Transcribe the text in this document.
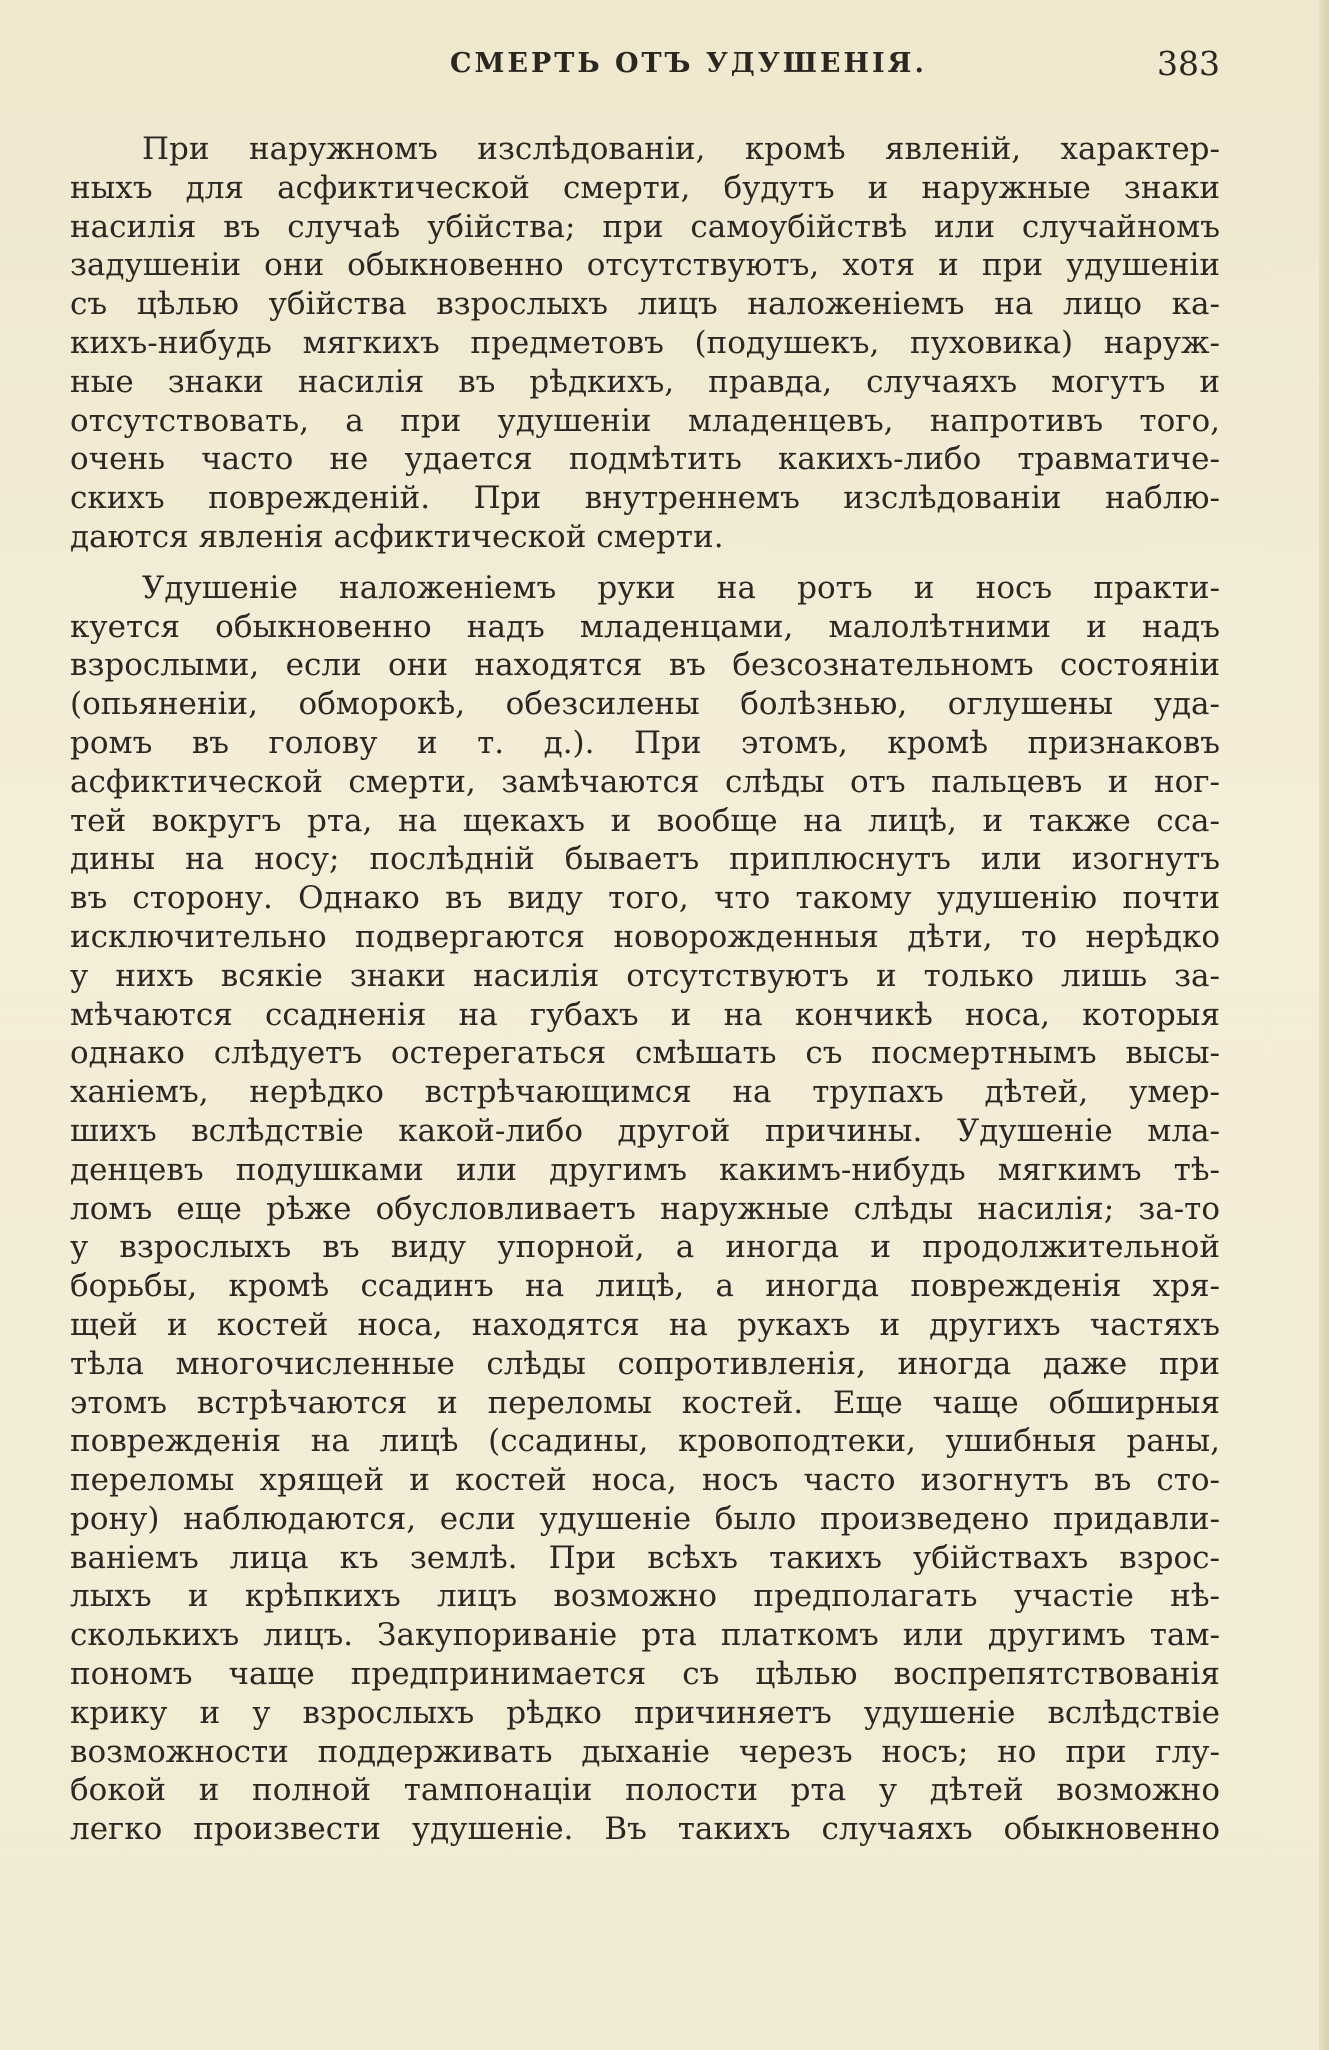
СМЕРТЬ ОТЪ УДУШЕНІЯ.	383
При наружномъ изслѣдованіи, кромѣ явленій, характер-
ныхъ для асфиктической смерти, будутъ и наружные знаки
насилія въ случаѣ убійства; при самоубійствѣ или случайномъ
задушеніи они обыкновенно отсутствуютъ, хотя и при удушеніи
съ цѣлью убійства взрослыхъ лицъ наложеніемъ на лицо ка-
кихъ-нибудь мягкихъ предметовъ (подушекъ, пуховика) наруж-
ные знаки насилія въ рѣдкихъ, правда, случаяхъ могутъ и
отсутствовать, а при удушеніи младенцевъ, напротивъ того,
очень часто не удается подмѣтить какихъ-либо травматиче-
скихъ поврежденій. При внутреннемъ изслѣдованіи наблю-
даются явленія асфиктической смерти.
Удушеніе наложеніемъ руки на ротъ и носъ практи-
куется обыкновенно надъ младенцами, малолѣтними и надъ
взрослыми, если они находятся въ безсознательномъ состояніи
(опьяненіи, обморокѣ, обезсилены болѣзнью, оглушены уда-
ромъ въ голову и т. д.). При этомъ, кромѣ признаковъ
асфиктической смерти, замѣчаются слѣды отъ пальцевъ и ног-
тей вокругъ рта, на щекахъ и вообще на лицѣ, и также сса-
дины на носу; послѣдній бываетъ приплюснутъ или изогнутъ
въ сторону. Однако въ виду того, что такому удушенію почти
исключительно подвергаются новорожденныя дѣти, то нерѣдко
у нихъ всякіе знаки насилія отсутствуютъ и только лишь за-
мѣчаются ссадненія на губахъ и на кончикѣ носа, которыя
однако слѣдуетъ остерегаться смѣшать съ посмертнымъ высы-
ханіемъ, нерѣдко встрѣчающимся на трупахъ дѣтей, умер-
шихъ вслѣдствіе какой-либо другой причины. Удушеніе мла-
денцевъ подушками или другимъ какимъ-нибудь мягкимъ тѣ-
ломъ еще рѣже обусловливаетъ наружные слѣды насилія; за-то
у взрослыхъ въ виду упорной, а иногда и продолжительной
борьбы, кромѣ ссадинъ на лицѣ, а иногда поврежденія хря-
щей и костей носа, находятся на рукахъ и другихъ частяхъ
тѣла многочисленные слѣды сопротивленія, иногда даже при
этомъ встрѣчаются и переломы костей. Еще чаще обширныя
поврежденія на лицѣ (ссадины, кровоподтеки, ушибныя раны,
переломы хрящей и костей носа, носъ часто изогнутъ въ сто-
рону) наблюдаются, если удушеніе было произведено придавли-
ваніемъ лица къ землѣ. При всѣхъ такихъ убійствахъ взрос-
лыхъ и крѣпкихъ лицъ возможно предполагать участіе нѣ-
сколькихъ лицъ. Закупориваніе рта платкомъ или другимъ там-
пономъ чаще предпринимается съ цѣлью воспрепятствованія
крику и у взрослыхъ рѣдко причиняетъ удушеніе вслѣдствіе
возможности поддерживать дыханіе черезъ носъ; но при глу-
бокой и полной тампонаціи полости рта у дѣтей возможно
легко произвести удушеніе. Въ такихъ случаяхъ обыкновенно
